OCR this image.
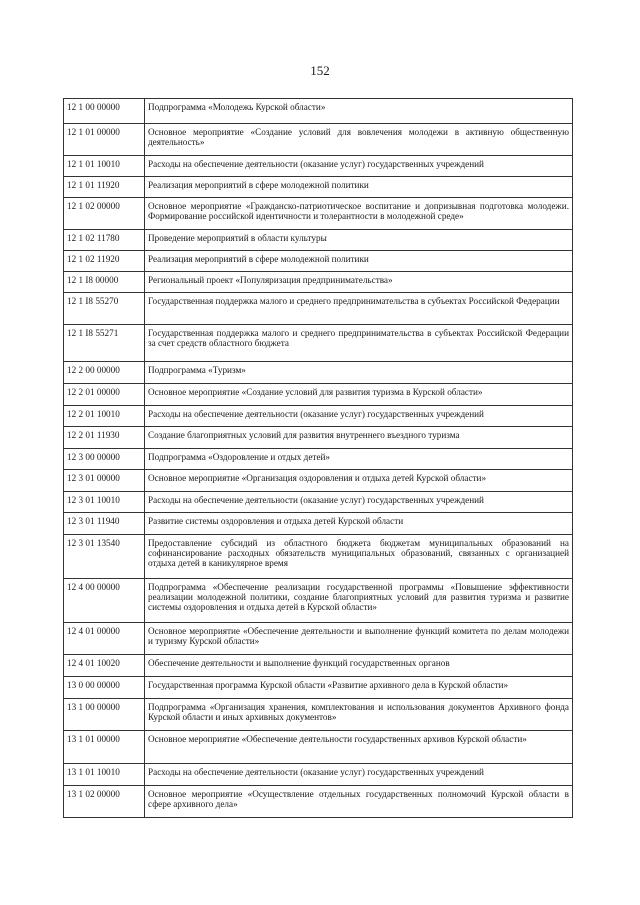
152
12 1 00 00000	Подпрограмма «Молодежь Курской области»
12 1 01 00000	Основное мероприятие «Создание условий для вовлечения молодежи в активную общественную деятельность»
12 1 01 10010	Расходы на обеспечение деятельности (оказание услуг) государственных учреждений
12 1 01 11920	Реализация мероприятий в сфере молодежной политики
12 1 02 00000	Основное мероприятие «Гражданско-патриотическое воспитание и допризывная подготовка молодежи. Формирование российской идентичности и толерантности в молодежной среде»
12 1 02 11780	Проведение мероприятий в области культуры
12 1 02 11920	Реализация мероприятий в сфере молодежной политики
12 1 I8 00000	Региональный проект «Популяризация предпринимательства»
12 1 I8 55270	Государственная поддержка малого и среднего предпринимательства в субъектах Российской Федерации
12 1 I8 55271	Государственная поддержка малого и среднего предпринимательства в субъектах Российской Федерации за счет средств областного бюджета
12 2 00 00000	Подпрограмма «Туризм»
12 2 01 00000	Основное мероприятие «Создание условий для развития туризма в Курской области»
12 2 01 10010	Расходы на обеспечение деятельности (оказание услуг) государственных учреждений
12 2 01 11930	Создание благоприятных условий для развития внутреннего въездного туризма
12 3 00 00000	Подпрограмма «Оздоровление и отдых детей»
12 3 01 00000	Основное мероприятие «Организация оздоровления и отдыха детей Курской области»
12 3 01 10010	Расходы на обеспечение деятельности (оказание услуг) государственных учреждений
12 3 01 11940	Развитие системы оздоровления и отдыха детей Курской области
12 3 01 13540	Предоставление субсидий из областного бюджета бюджетам муниципальных образований на софинансирование расходных обязательств муниципальных образований, связанных с организацией отдыха детей в каникулярное время
12 4 00 00000	Подпрограмма «Обеспечение реализации государственной программы «Повышение эффективности реализации молодежной политики, создание благоприятных условий для развития туризма и развитие системы оздоровления и отдыха детей в Курской области»
12 4 01 00000	Основное мероприятие «Обеспечение деятельности и выполнение функций комитета по делам молодежи и туризму Курской области»
12 4 01 10020	Обеспечение деятельности и выполнение функций государственных органов
13 0 00 00000	Государственная программа Курской области «Развитие архивного дела в Курской области»
13 1 00 00000	Подпрограмма «Организация хранения, комплектования и использования документов Архивного фонда Курской области и иных архивных документов»
13 1 01 00000	Основное мероприятие «Обеспечение деятельности государственных архивов Курской области»
13 1 01 10010	Расходы на обеспечение деятельности (оказание услуг) государственных учреждений
13 1 02 00000	Основное мероприятие «Осуществление отдельных государственных полномочий Курской области в сфере архивного дела»
